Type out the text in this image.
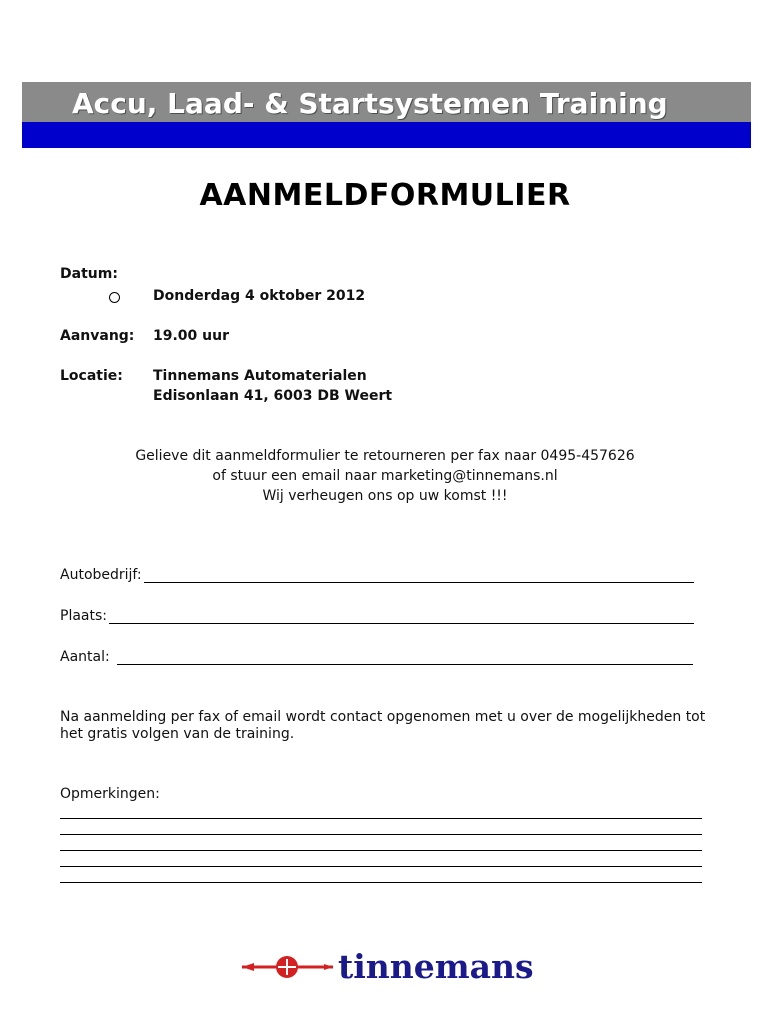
Accu, Laad- & Startsystemen Training
AANMELDFORMULIER
Datum:
Donderdag 4 oktober 2012
Aanvang: 19.00 uur
Locatie: Tinnemans Automaterialen
Edisonlaan 41, 6003 DB Weert
Gelieve dit aanmeldformulier te retourneren per fax naar 0495-457626
of stuur een email naar marketing@tinnemans.nl
Wij verheugen ons op uw komst !!!
Autobedrijf:
Plaats:
Aantal:
Na aanmelding per fax of email wordt contact opgenomen met u over de mogelijkheden tot het gratis volgen van de training.
Opmerkingen:
tinnemans
